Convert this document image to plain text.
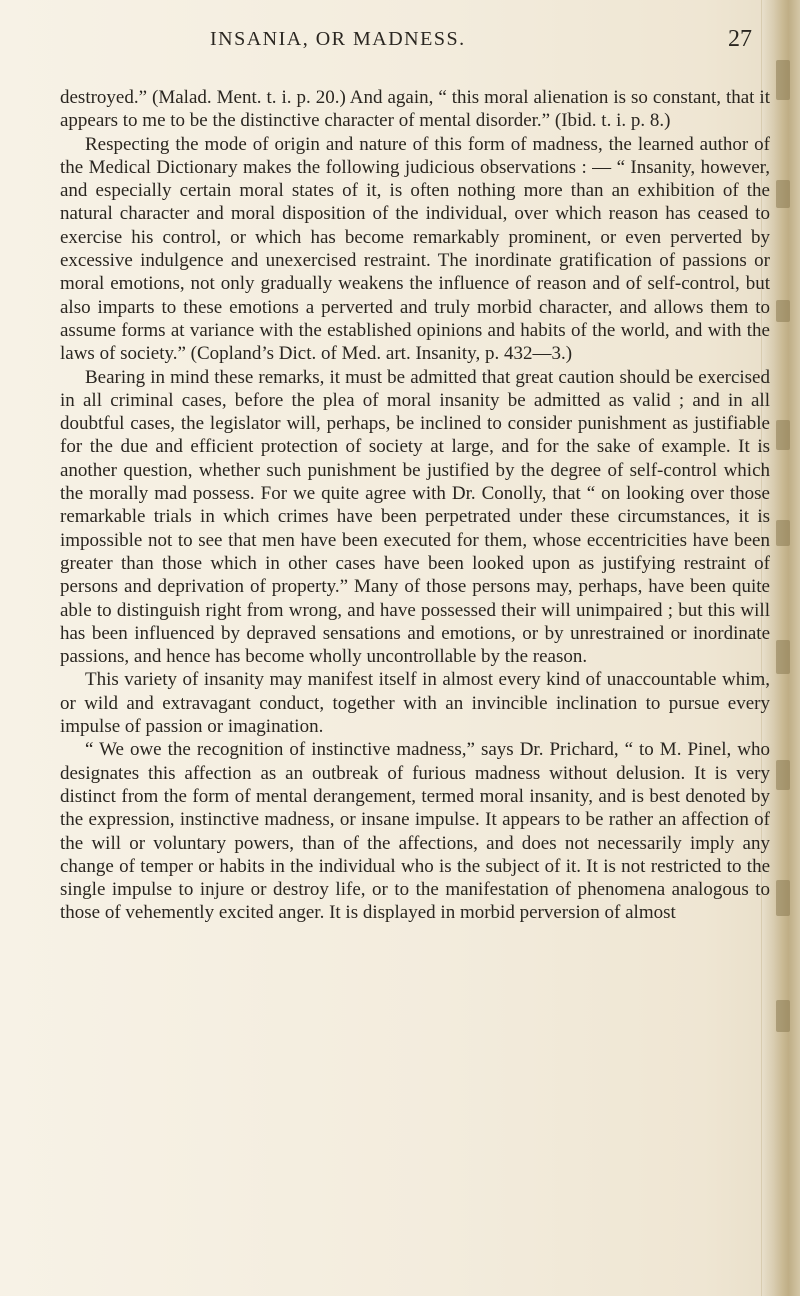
INSANIA, OR MADNESS.	27

destroyed.” (Malad. Ment. t. i. p. 20.) And again, “ this moral alienation is so constant, that it appears to me to be the distinctive character of mental disorder.” (Ibid. t. i. p. 8.)

Respecting the mode of origin and nature of this form of madness, the learned author of the Medical Dictionary makes the following judicious observations : — “ Insanity, however, and especially certain moral states of it, is often nothing more than an exhibition of the natural character and moral disposition of the individual, over which reason has ceased to exercise his control, or which has become remarkably prominent, or even perverted by excessive indulgence and unexercised restraint. The inordinate gratification of passions or moral emotions, not only gradually weakens the influence of reason and of self-control, but also imparts to these emotions a perverted and truly morbid character, and allows them to assume forms at variance with the established opinions and habits of the world, and with the laws of society.” (Copland’s Dict. of Med. art. Insanity, p. 432—3.)

Bearing in mind these remarks, it must be admitted that great caution should be exercised in all criminal cases, before the plea of moral insanity be admitted as valid ; and in all doubtful cases, the legislator will, perhaps, be inclined to consider punishment as justifiable for the due and efficient protection of society at large, and for the sake of example. It is another question, whether such punishment be justified by the degree of self-control which the morally mad possess. For we quite agree with Dr. Conolly, that “ on looking over those remarkable trials in which crimes have been perpetrated under these circumstances, it is impossible not to see that men have been executed for them, whose eccentricities have been greater than those which in other cases have been looked upon as justifying restraint of persons and deprivation of property.” Many of those persons may, perhaps, have been quite able to distinguish right from wrong, and have possessed their will unimpaired ; but this will has been influenced by depraved sensations and emotions, or by unrestrained or inordinate passions, and hence has become wholly uncontrollable by the reason.

This variety of insanity may manifest itself in almost every kind of unaccountable whim, or wild and extravagant conduct, together with an invincible inclination to pursue every impulse of passion or imagination.

“ We owe the recognition of instinctive madness,” says Dr. Prichard, “ to M. Pinel, who designates this affection as an outbreak of furious madness without delusion. It is very distinct from the form of mental derangement, termed moral insanity, and is best denoted by the expression, instinctive madness, or insane impulse. It appears to be rather an affection of the will or voluntary powers, than of the affections, and does not necessarily imply any change of temper or habits in the individual who is the subject of it. It is not restricted to the single impulse to injure or destroy life, or to the manifestation of phenomena analogous to those of vehemently excited anger. It is displayed in morbid perversion of almost
